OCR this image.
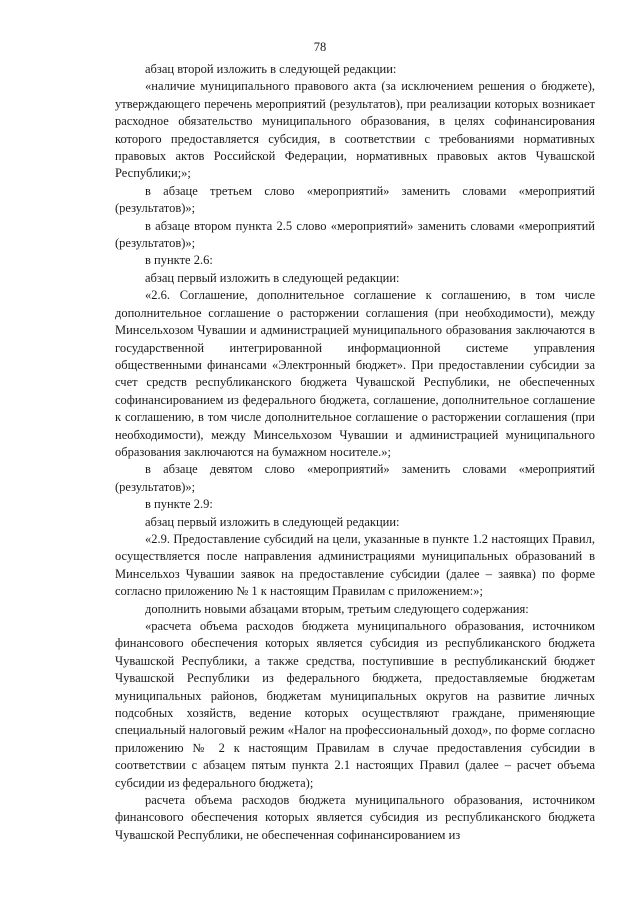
78

абзац второй изложить в следующей редакции:

«наличие муниципального правового акта (за исключением решения о бюджете), утверждающего перечень мероприятий (результатов), при реализации которых возникает расходное обязательство муниципального образования, в целях софинансирования которого предоставляется субсидия, в соответствии с требованиями нормативных правовых актов Российской Федерации, нормативных правовых актов Чувашской Республики;»;

в абзаце третьем слово «мероприятий» заменить словами «мероприятий (результатов)»;

в абзаце втором пункта 2.5 слово «мероприятий» заменить словами «мероприятий (результатов)»;

в пункте 2.6:

абзац первый изложить в следующей редакции:

«2.6. Соглашение, дополнительное соглашение к соглашению, в том числе дополнительное соглашение о расторжении соглашения (при необходимости), между Минсельхозом Чувашии и администрацией муниципального образования заключаются в государственной интегрированной информационной системе управления общественными финансами «Электронный бюджет». При предоставлении субсидии за счет средств республиканского бюджета Чувашской Республики, не обеспеченных софинансированием из федерального бюджета, соглашение, дополнительное соглашение к соглашению, в том числе дополнительное соглашение о расторжении соглашения (при необходимости), между Минсельхозом Чувашии и администрацией муниципального образования заключаются на бумажном носителе.»;

в абзаце девятом слово «мероприятий» заменить словами «мероприятий (результатов)»;

в пункте 2.9:

абзац первый изложить в следующей редакции:

«2.9. Предоставление субсидий на цели, указанные в пункте 1.2 настоящих Правил, осуществляется после направления администрациями муниципальных образований в Минсельхоз Чувашии заявок на предоставление субсидии (далее – заявка) по форме согласно приложению № 1 к настоящим Правилам с приложением:»;

дополнить новыми абзацами вторым, третьим следующего содержания:

«расчета объема расходов бюджета муниципального образования, источником финансового обеспечения которых является субсидия из республиканского бюджета Чувашской Республики, а также средства, поступившие в республиканский бюджет Чувашской Республики из федерального бюджета, предоставляемые бюджетам муниципальных районов, бюджетам муниципальных округов на развитие личных подсобных хозяйств, ведение которых осуществляют граждане, применяющие специальный налоговый режим «Налог на профессиональный доход», по форме согласно приложению № 2 к настоящим Правилам в случае предоставления субсидии в соответствии с абзацем пятым пункта 2.1 настоящих Правил (далее – расчет объема субсидии из федерального бюджета);

расчета объема расходов бюджета муниципального образования, источником финансового обеспечения которых является субсидия из республиканского бюджета Чувашской Республики, не обеспеченная софинансированием из
